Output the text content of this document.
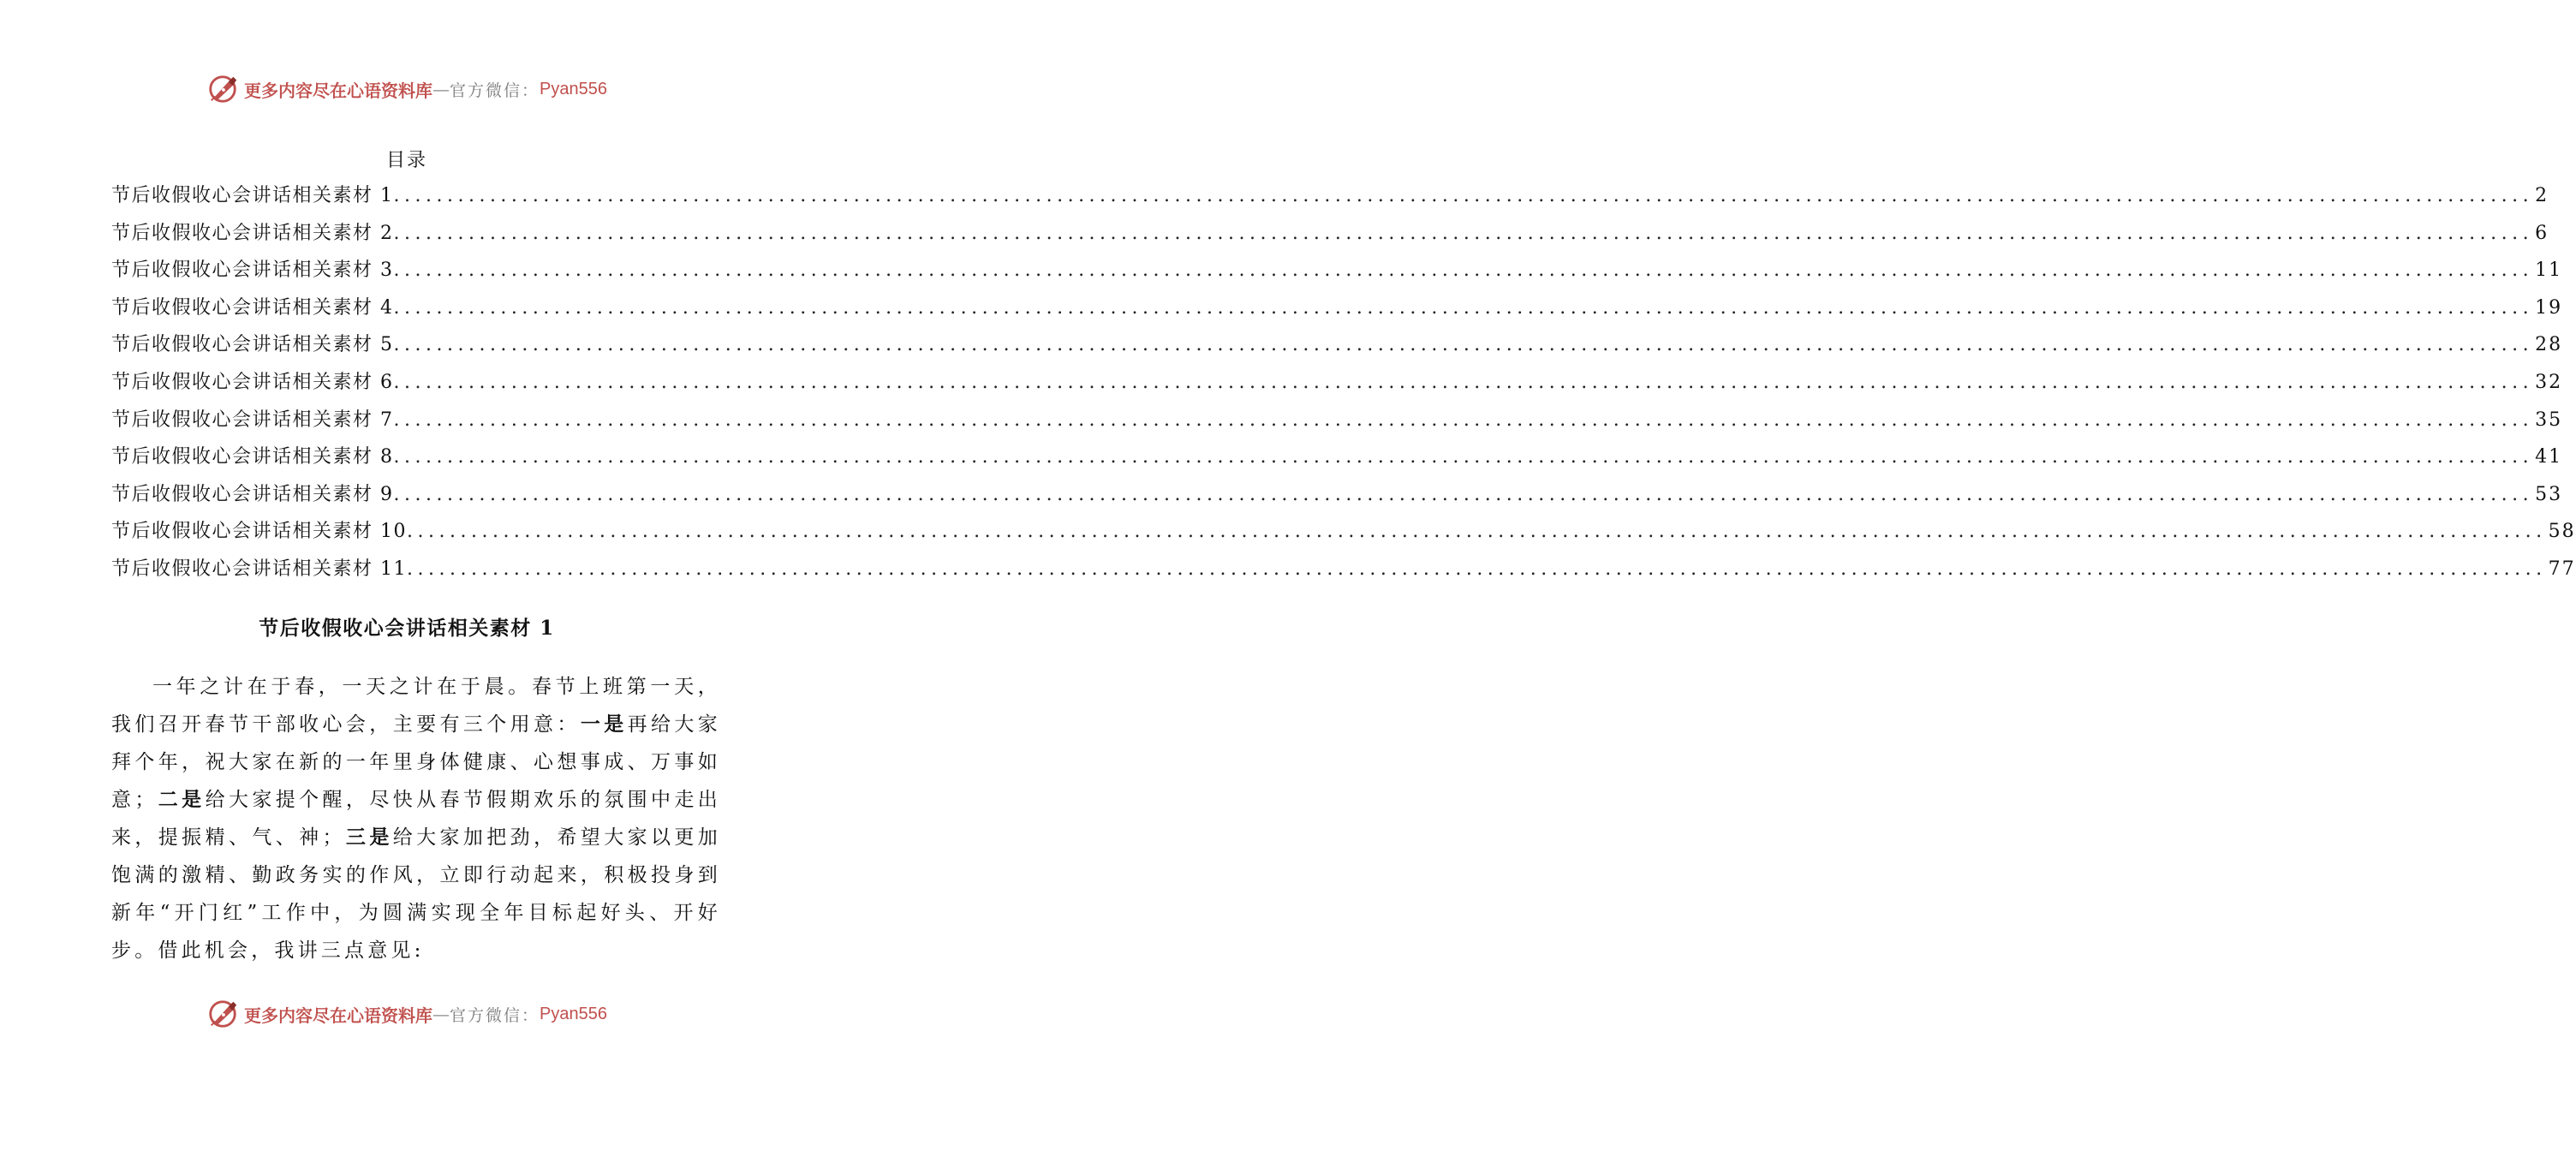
更多内容尽在心语资料库 — 官方微信： Pyan556
目录
节后收假收心会讲话相关素材 1 ........................................................................................................................................................................................................ 2
节后收假收心会讲话相关素材 2 ........................................................................................................................................................................................................ 6
节后收假收心会讲话相关素材 3 ........................................................................................................................................................................................................ 11
节后收假收心会讲话相关素材 4 ........................................................................................................................................................................................................ 19
节后收假收心会讲话相关素材 5 ........................................................................................................................................................................................................ 28
节后收假收心会讲话相关素材 6 ........................................................................................................................................................................................................ 32
节后收假收心会讲话相关素材 7 ........................................................................................................................................................................................................ 35
节后收假收心会讲话相关素材 8 ........................................................................................................................................................................................................ 41
节后收假收心会讲话相关素材 9 ........................................................................................................................................................................................................ 53
节后收假收心会讲话相关素材 10 ........................................................................................................................................................................................................ 58
节后收假收心会讲话相关素材 11 ........................................................................................................................................................................................................ 77
节后收假收心会讲话相关素材 1

一年之计在于春，一天之计在于晨。春节上班第一天，我们召开春节干部收心会，主要有三个用意：一是再给大家拜个年，祝大家在新的一年里身体健康、心想事成、万事如意；二是给大家提个醒，尽快从春节假期欢乐的氛围中走出来，提振精、气、神；三是给大家加把劲，希望大家以更加饱满的激精、勤政务实的作风，立即行动起来，积极投身到新年“开门红”工作中，为圆满实现全年目标起好头、开好步。借此机会，我讲三点意见:

更多内容尽在心语资料库 — 官方微信： Pyan556
